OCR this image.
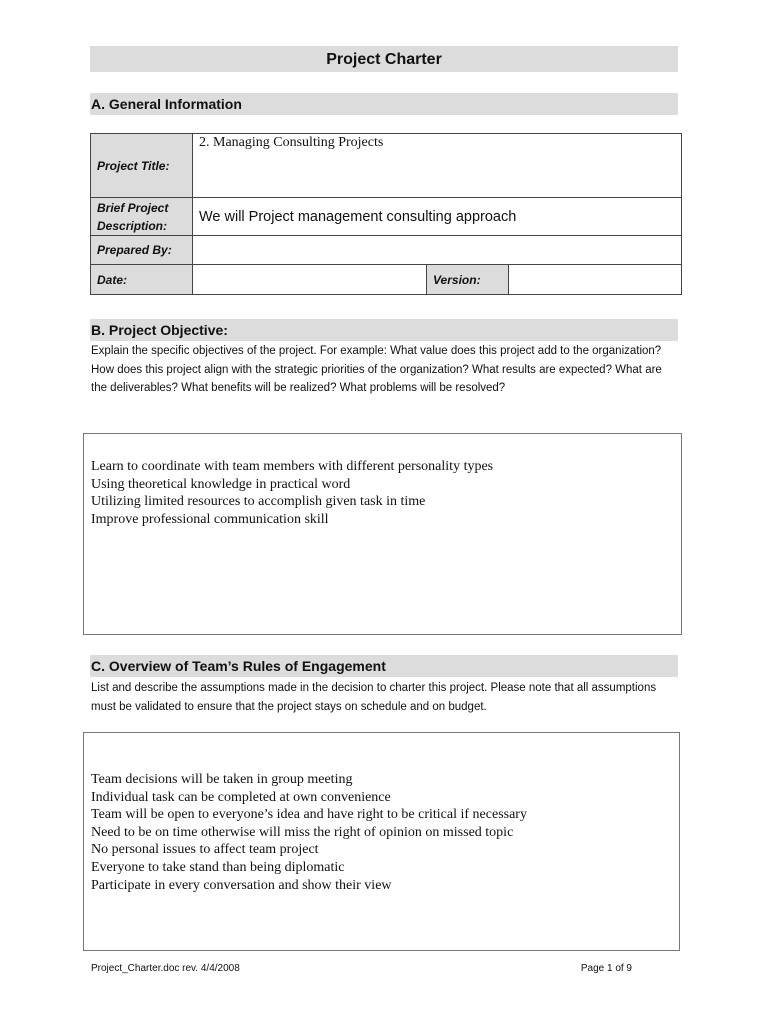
Project Charter
A. General Information
Project Title:	2. Managing Consulting Projects		

Brief Project
Description:	We will Project management consulting approach		
Prepared By:			
Date:		Version:	
B. Project Objective:
Explain the specific objectives of the project. For example: What value does this project add to the organization? How does this project align with the strategic priorities of the organization? What results are expected? What are the deliverables? What benefits will be realized? What problems will be resolved?
Learn to coordinate with team members with different personality types
Using theoretical knowledge in practical word
Utilizing limited resources to accomplish given task in time
Improve professional communication skill
C. Overview of Team’s Rules of Engagement
List and describe the assumptions made in the decision to charter this project. Please note that all assumptions must be validated to ensure that the project stays on schedule and on budget.
Team decisions will be taken in group meeting
Individual task can be completed at own convenience
Team will be open to everyone’s idea and have right to be critical if necessary
Need to be on time otherwise will miss the right of opinion on missed topic
No personal issues to affect team project
Everyone to take stand than being diplomatic
Participate in every conversation and show their view
Project_Charter.doc rev. 4/4/2008	Page 1 of 9
